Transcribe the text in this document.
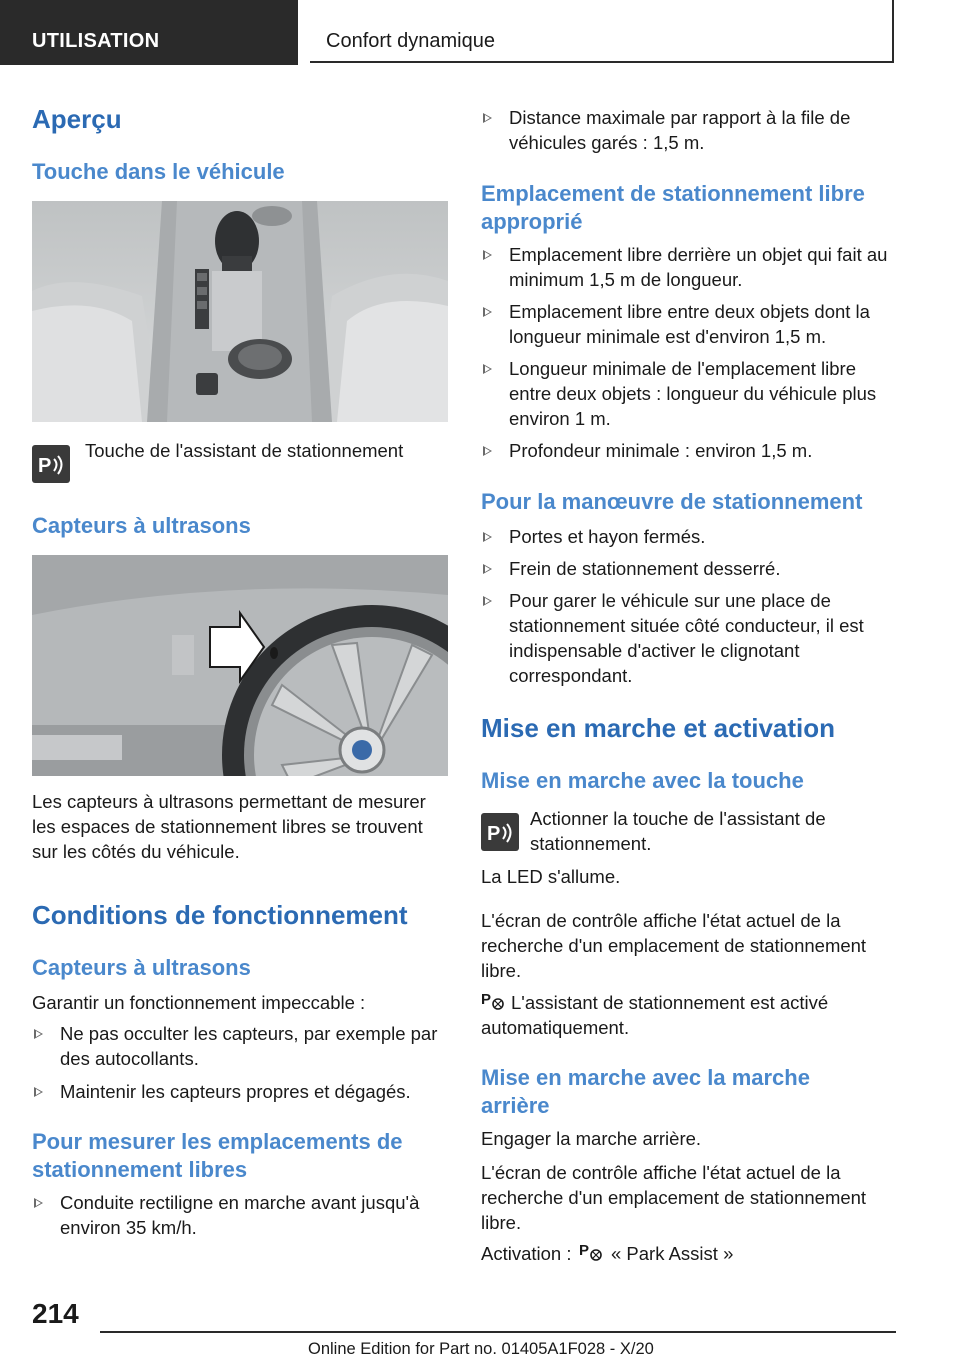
UTILISATION	Confort dynamique
Aperçu
Touche dans le véhicule
P
Touche de l'assistant de stationnement
Capteurs à ultrasons
Les capteurs à ultrasons permettant de mesurer les espaces de stationnement libres se trouvent sur les côtés du véhicule.
Conditions de fonctionnement
Capteurs à ultrasons
Garantir un fonctionnement impeccable :
Ne pas occulter les capteurs, par exemple par des autocollants.
Maintenir les capteurs propres et dégagés.
Pour mesurer les emplacements de stationnement libres
Conduite rectiligne en marche avant jusqu'à environ 35 km/h.
Distance maximale par rapport à la file de véhicules garés : 1,5 m.
Emplacement de stationnement libre approprié
Emplacement libre derrière un objet qui fait au minimum 1,5 m de longueur.
Emplacement libre entre deux objets dont la longueur minimale est d'environ 1,5 m.
Longueur minimale de l'emplacement libre entre deux objets : longueur du véhicule plus environ 1 m.
Profondeur minimale : environ 1,5 m.
Pour la manœuvre de stationnement
Portes et hayon fermés.
Frein de stationnement desserré.
Pour garer le véhicule sur une place de stationnement située côté conducteur, il est indispensable d'activer le clignotant correspondant.
Mise en marche et activation
Mise en marche avec la touche
P
Actionner la touche de l'assistant de stationnement.
La LED s'allume.
L'écran de contrôle affiche l'état actuel de la recherche d'un emplacement de stationnement libre.
P	L'assistant de stationnement est activé automatiquement.
Mise en marche avec la marche arrière
Engager la marche arrière.
L'écran de contrôle affiche l'état actuel de la recherche d'un emplacement de stationnement libre.
Activation : P « Park Assist »
214
Online Edition for Part no. 01405A1F028 - X/20
